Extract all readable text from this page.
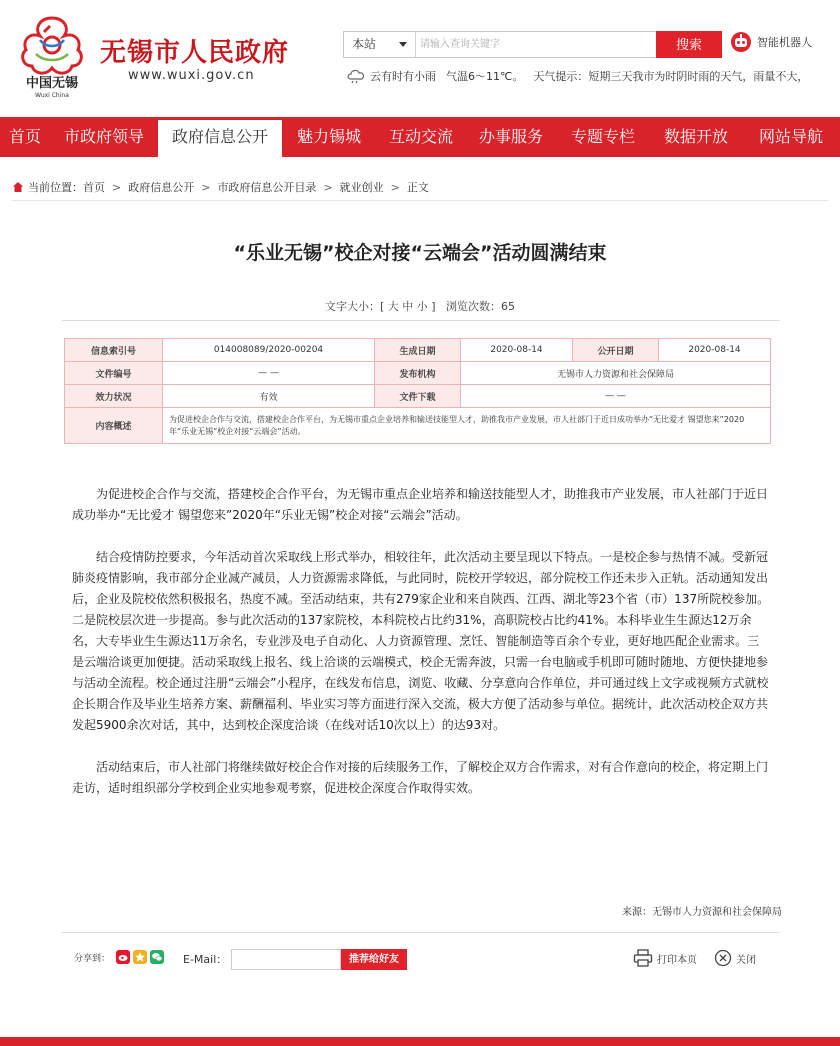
中国无锡
Wuxi China
无锡市人民政府
www.wuxi.gov.cn
本站
请输入查询关键字	搜索	智能机器人
云有时有小雨 气温6～11℃。 天气提示：短期三天我市为时阴时雨的天气，雨量不大，
首页	市政府领导	政府信息公开	魅力锡城	互动交流	办事服务	专题专栏	数据开放	网站导航
当前位置： 首页 > 政府信息公开 > 市政府信息公开目录 > 就业创业 > 正文
“乐业无锡”校企对接“云端会”活动圆满结束
文字大小：[ 大 中 小 ] 浏览次数：65
信息索引号	014008089/2020-00204	生成日期	2020-08-14	公开日期	2020-08-14
文件编号	— —	发布机构	无锡市人力资源和社会保障局		
效力状况	有效	文件下载	— —		
内容概述	为促进校企合作与交流，搭建校企合作平台，为无锡市重点企业培养和输送技能型人才，助推我市产业发展，市人社部门于近日成功举办“无比爱才 锡望您来”2020年“乐业无锡”校企对接“云端会”活动。				

为促进校企合作与交流，搭建校企合作平台，为无锡市重点企业培养和输送技能型人才，助推我市产业发展，市人社部门于近日成功举办“无比爱才 锡望您来”2020年“乐业无锡”校企对接“云端会”活动。

结合疫情防控要求，今年活动首次采取线上形式举办，相较往年，此次活动主要呈现以下特点。一是校企参与热情不减。受新冠肺炎疫情影响，我市部分企业减产减员，人力资源需求降低，与此同时，院校开学较迟，部分院校工作还未步入正轨。活动通知发出后，企业及院校依然积极报名，热度不减。至活动结束，共有279家企业和来自陕西、江西、湖北等23个省（市）137所院校参加。二是院校层次进一步提高。参与此次活动的137家院校，本科院校占比约31%，高职院校占比约41%。本科毕业生生源达12万余名，大专毕业生生源达11万余名，专业涉及电子自动化、人力资源管理、烹饪、智能制造等百余个专业，更好地匹配企业需求。三是云端洽谈更加便捷。活动采取线上报名、线上洽谈的云端模式，校企无需奔波，只需一台电脑或手机即可随时随地、方便快捷地参与活动全流程。校企通过注册“云端会”小程序，在线发布信息，浏览、收藏、分享意向合作单位，并可通过线上文字或视频方式就校企长期合作及毕业生培养方案、薪酬福利、毕业实习等方面进行深入交流，极大方便了活动参与单位。据统计，此次活动校企双方共发起5900余次对话，其中，达到校企深度洽谈（在线对话10次以上）的达93对。

活动结束后，市人社部门将继续做好校企合作对接的后续服务工作，了解校企双方合作需求，对有合作意向的校企，将定期上门走访，适时组织部分学校到企业实地参观考察，促进校企深度合作取得实效。

来源：无锡市人力资源和社会保障局
分享到：	E-Mail：	推荐给好友	打印本页	关闭
